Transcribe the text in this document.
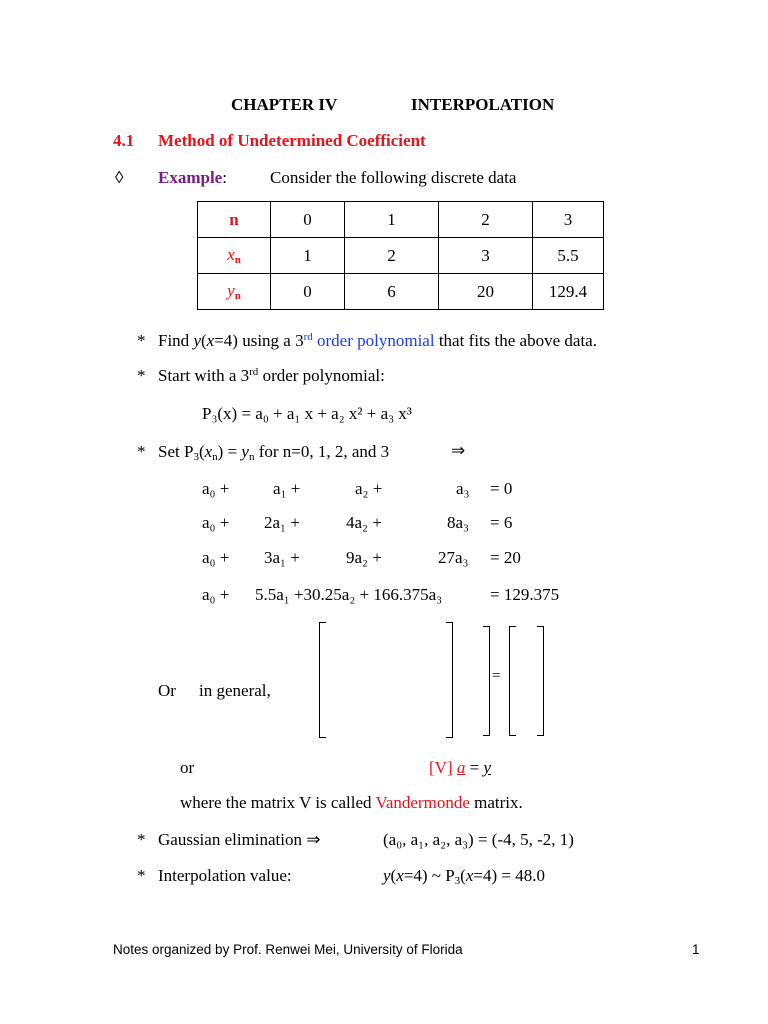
CHAPTER IV	INTERPOLATION
4.1 Method of Undetermined Coefficient
◊ Example:	Consider the following discrete data
n	0	1	2	3
$x_n$	1	2	3	5.5
$y_n$	0	6	20	129.4
* Find y(x=4) using a 3rd order polynomial that fits the above data.
* Start with a 3rd order polynomial:
P₃(x) = a₀ + a₁ x + a₂ x² + a₃ x³
* Set $P_3(x_n) = y_n$ for n=0, 1, 2, and 3	⇒
a₀ +	a₁ +	a₂ +	a₃ = 0
a₀ + 2a₁ +	4a₂ +	8a₃ = 6
a₀ + 3a₁ +	9a₂ +	27a₃ = 20
a₀ + 5.5a₁ +30.25a₂ + 166.375a₃	= 129.375
Or in general,
=
or	[V] a = y
where the matrix V is called Vandermonde matrix.
* Gaussian elimination ⇒	(a₀, a₁, a₂, a₃) = (-4, 5, -2, 1)
* Interpolation value:	y(x=4) ~ $P_3(x=4) = 48.0$
Notes organized by Prof. Renwei Mei, University of Florida	1
